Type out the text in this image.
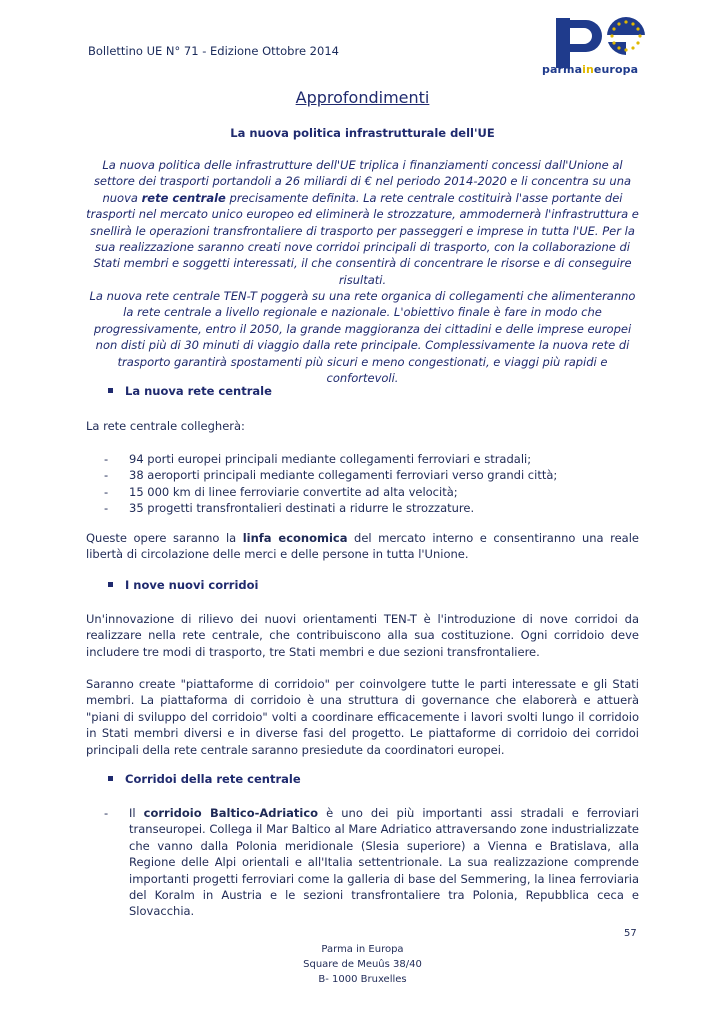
Bollettino UE N° 71 - Edizione Ottobre 2014
parmaineuropa
Approfondimenti
La nuova politica infrastrutturale dell'UE
La nuova politica delle infrastrutture dell'UE triplica i finanziamenti concessi dall'Unione al settore dei trasporti portandoli a 26 miliardi di € nel periodo 2014-2020 e li concentra su una nuova rete centrale precisamente definita. La rete centrale costituirà l'asse portante dei trasporti nel mercato unico europeo ed eliminerà le strozzature, ammodernerà l'infrastruttura e snellirà le operazioni transfrontaliere di trasporto per passeggeri e imprese in tutta l'UE. Per la sua realizzazione saranno creati nove corridoi principali di trasporto, con la collaborazione di Stati membri e soggetti interessati, il che consentirà di concentrare le risorse e di conseguire risultati.
La nuova rete centrale TEN-T poggerà su una rete organica di collegamenti che alimenteranno la rete centrale a livello regionale e nazionale. L'obiettivo finale è fare in modo che progressivamente, entro il 2050, la grande maggioranza dei cittadini e delle imprese europei non disti più di 30 minuti di viaggio dalla rete principale. Complessivamente la nuova rete di trasporto garantirà spostamenti più sicuri e meno congestionati, e viaggi più rapidi e confortevoli.
La nuova rete centrale
La rete centrale collegherà:
- 94 porti europei principali mediante collegamenti ferroviari e stradali;
- 38 aeroporti principali mediante collegamenti ferroviari verso grandi città;
- 15 000 km di linee ferroviarie convertite ad alta velocità;
- 35 progetti transfrontalieri destinati a ridurre le strozzature.
Queste opere saranno la linfa economica del mercato interno e consentiranno una reale libertà di circolazione delle merci e delle persone in tutta l'Unione.
I nove nuovi corridoi
Un'innovazione di rilievo dei nuovi orientamenti TEN-T è l'introduzione di nove corridoi da realizzare nella rete centrale, che contribuiscono alla sua costituzione. Ogni corridoio deve includere tre modi di trasporto, tre Stati membri e due sezioni transfrontaliere.
Saranno create "piattaforme di corridoio" per coinvolgere tutte le parti interessate e gli Stati membri. La piattaforma di corridoio è una struttura di governance che elaborerà e attuerà "piani di sviluppo del corridoio" volti a coordinare efficacemente i lavori svolti lungo il corridoio in Stati membri diversi e in diverse fasi del progetto. Le piattaforme di corridoio dei corridoi principali della rete centrale saranno presiedute da coordinatori europei.
Corridoi della rete centrale
- Il corridoio Baltico-Adriatico è uno dei più importanti assi stradali e ferroviari transeuropei. Collega il Mar Baltico al Mare Adriatico attraversando zone industrializzate che vanno dalla Polonia meridionale (Slesia superiore) a Vienna e Bratislava, alla Regione delle Alpi orientali e all'Italia settentrionale. La sua realizzazione comprende importanti progetti ferroviari come la galleria di base del Semmering, la linea ferroviaria del Koralm in Austria e le sezioni transfrontaliere tra Polonia, Repubblica ceca e Slovacchia.
57
Parma in Europa
Square de Meuûs 38/40
B- 1000 Bruxelles
